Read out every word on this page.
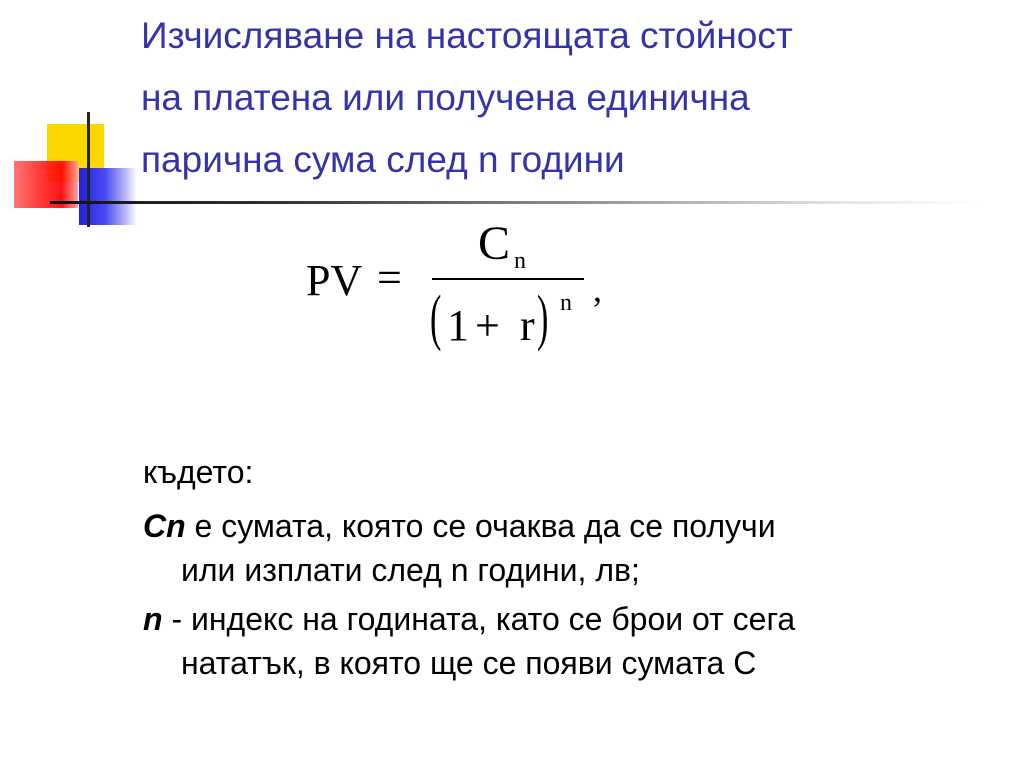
Изчисляване на настоящата стойност
на платена или получена единична
парична сума след n години
PV =
C n
( 1 + r ) n ,
където:
Cn е сумата, която се очаква да се получи
или изплати след n години, лв;
n - индекс на годината, като се брои от сега
нататък, в която ще се появи сумата С
